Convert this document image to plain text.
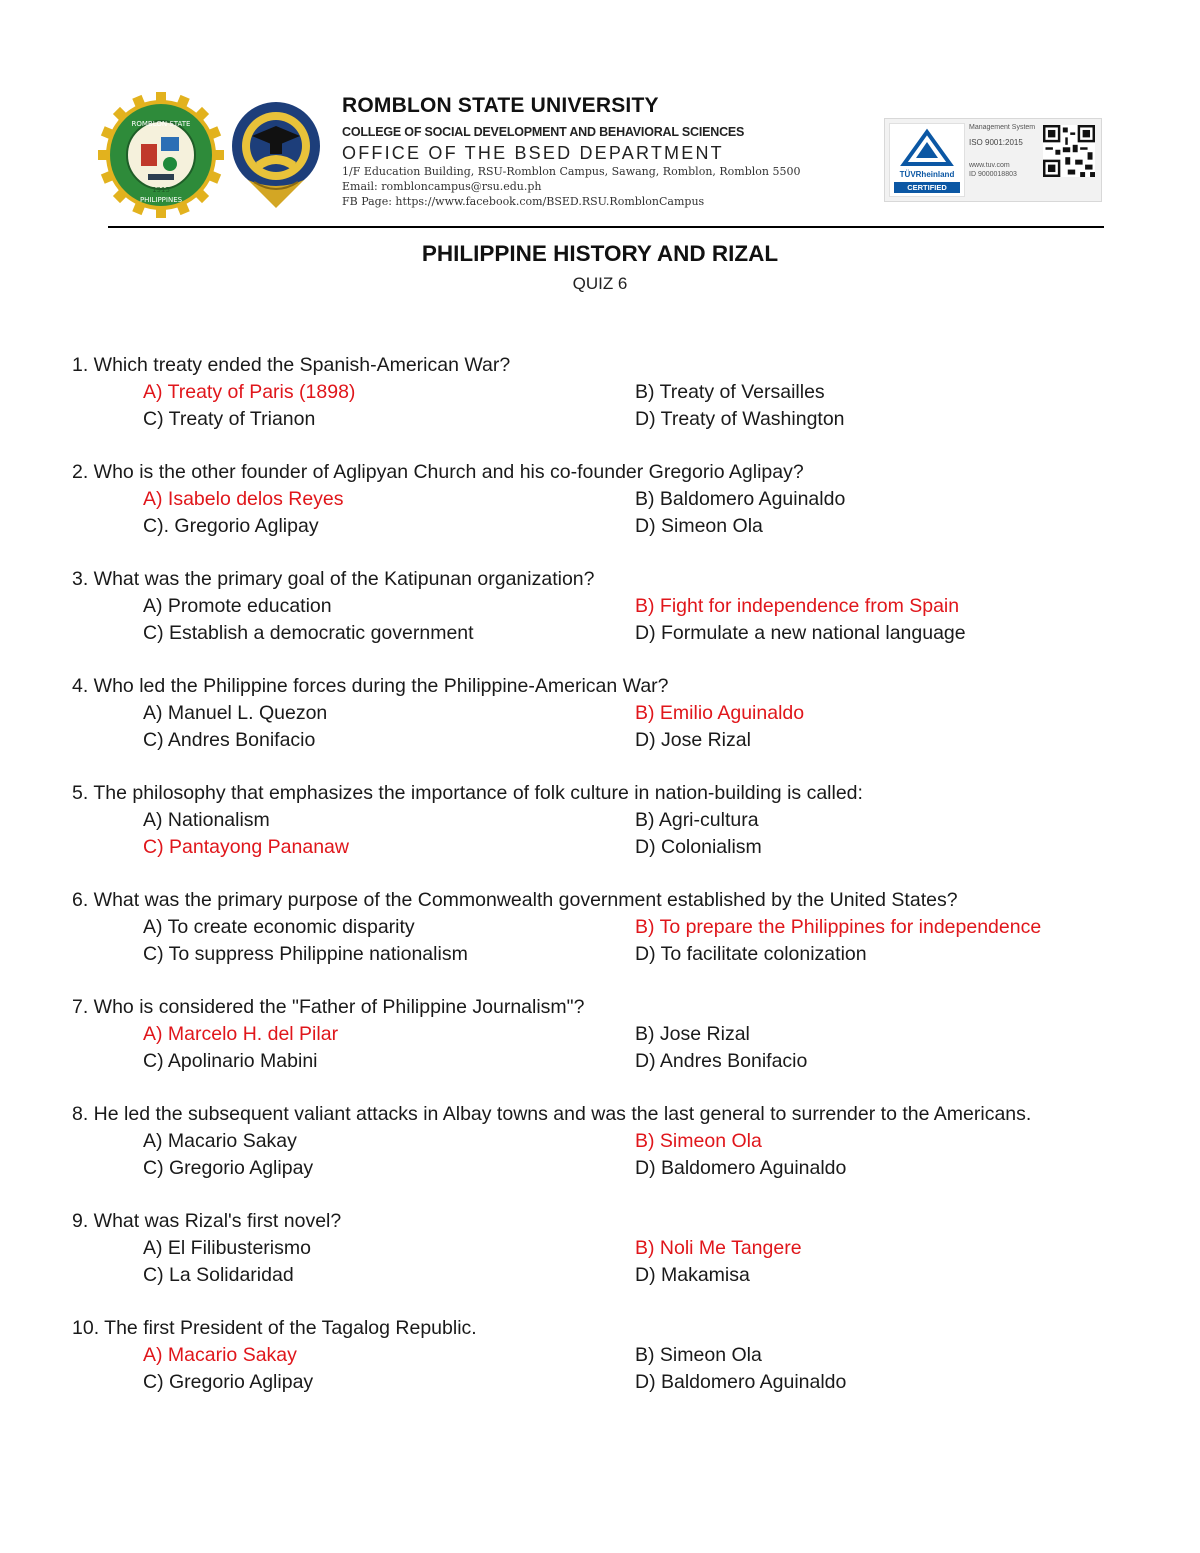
ROMBLON STATE
PHILIPPINES
1915
ROMBLON STATE UNIVERSITY
COLLEGE OF SOCIAL DEVELOPMENT AND BEHAVIORAL SCIENCES
OFFICE OF THE BSED DEPARTMENT
1/F Education Building, RSU-Romblon Campus, Sawang, Romblon, Romblon 5500
Email: rombloncampus@rsu.edu.ph
FB Page: https://www.facebook.com/BSED.RSU.RomblonCampus
TÜVRheinland
CERTIFIED
Management System
ISO 9001:2015
www.tuv.com
ID 9000018803
PHILIPPINE HISTORY AND RIZAL
QUIZ 6
1. Which treaty ended the Spanish-American War?
A) Treaty of Paris (1898)	B) Treaty of Versailles
C) Treaty of Trianon	D) Treaty of Washington
2. Who is the other founder of Aglipyan Church and his co-founder Gregorio Aglipay?
A) Isabelo delos Reyes	B) Baldomero Aguinaldo
C). Gregorio Aglipay	D) Simeon Ola
3. What was the primary goal of the Katipunan organization?
A) Promote education	B) Fight for independence from Spain
C) Establish a democratic government	D) Formulate a new national language
4. Who led the Philippine forces during the Philippine-American War?
A) Manuel L. Quezon	B) Emilio Aguinaldo
C) Andres Bonifacio	D) Jose Rizal
5. The philosophy that emphasizes the importance of folk culture in nation-building is called:
A) Nationalism	B) Agri-cultura
C) Pantayong Pananaw	D) Colonialism
6. What was the primary purpose of the Commonwealth government established by the United States?
A) To create economic disparity	B) To prepare the Philippines for independence
C) To suppress Philippine nationalism	D) To facilitate colonization
7. Who is considered the "Father of Philippine Journalism"?
A) Marcelo H. del Pilar	B) Jose Rizal
C) Apolinario Mabini	D) Andres Bonifacio
8. He led the subsequent valiant attacks in Albay towns and was the last general to surrender to the Americans.
A) Macario Sakay	B) Simeon Ola
C) Gregorio Aglipay	D) Baldomero Aguinaldo
9. What was Rizal's first novel?
A) El Filibusterismo	B) Noli Me Tangere
C) La Solidaridad	D) Makamisa
10. The first President of the Tagalog Republic.
A) Macario Sakay	B) Simeon Ola
C) Gregorio Aglipay	D) Baldomero Aguinaldo
